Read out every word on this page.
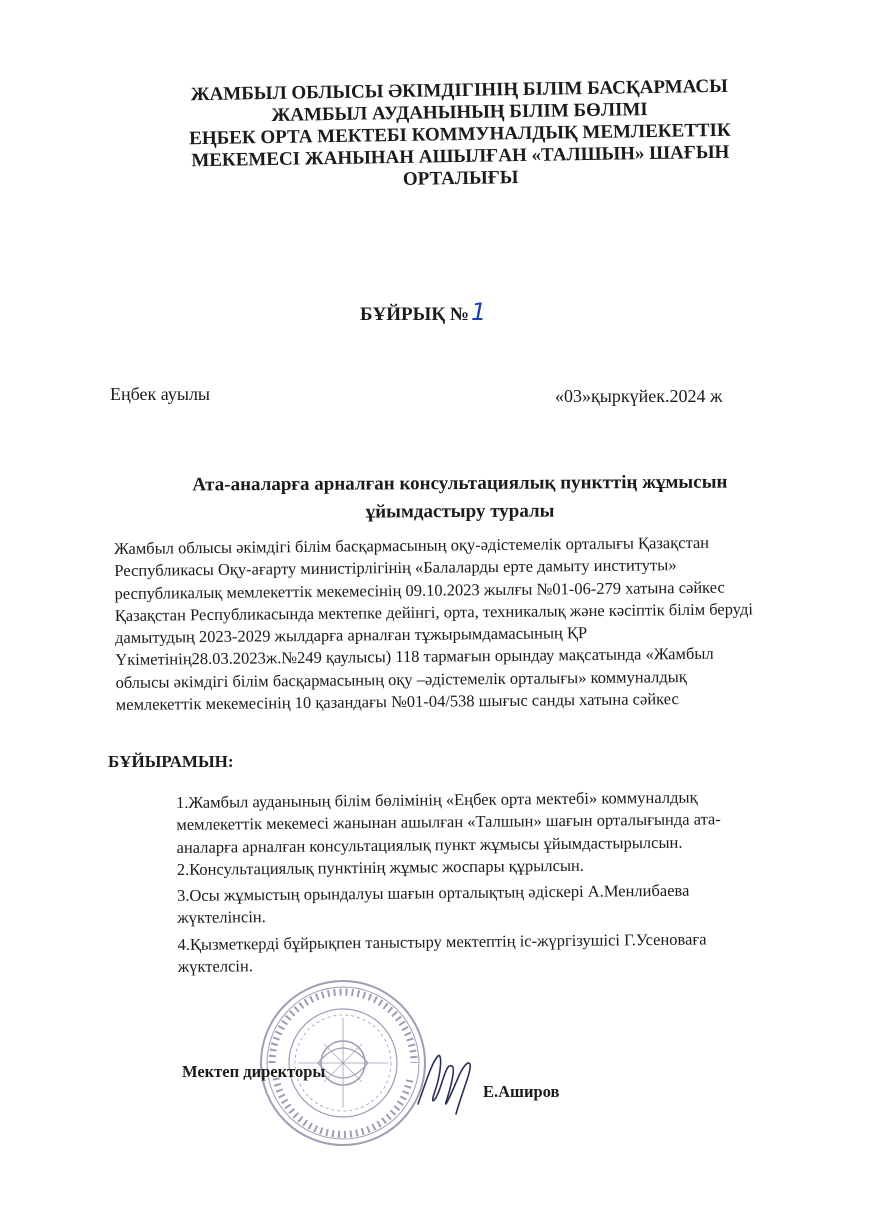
ЖАМБЫЛ ОБЛЫСЫ ӘКІМДІГІНІҢ БІЛІМ БАСҚАРМАСЫ
ЖАМБЫЛ АУДАНЫНЫҢ БІЛІМ БӨЛІМІ
ЕҢБЕК ОРТА МЕКТЕБІ КОММУНАЛДЫҚ МЕМЛЕКЕТТІК
МЕКЕМЕСІ ЖАНЫНАН АШЫЛҒАН «ТАЛШЫН» ШАҒЫН
ОРТАЛЫҒЫ
БҰЙРЫҚ №1
Еңбек ауылы	«03»қыркүйек.2024 ж
Ата-аналарға арналған консультациялық пункттің жұмысын
ұйымдастыру туралы
Жамбыл облысы әкімдігі білім басқармасының оқу-әдістемелік орталығы Қазақстан
Республикасы Оқу-ағарту министірлігінің «Балаларды ерте дамыту институты»
республикалық мемлекеттік мекемесінің 09.10.2023 жылғы №01-06-279 хатына сәйкес
Қазақстан Республикасында мектепке дейінгі, орта, техникалық және кәсіптік білім беруді
дамытудың 2023-2029 жылдарға арналған тұжырымдамасының ҚР
Үкіметінің28.03.2023ж.№249 қаулысы) 118 тармағын орындау мақсатында «Жамбыл
облысы әкімдігі білім басқармасының оқу –әдістемелік орталығы» коммуналдық
мемлекеттік мекемесінің 10 қазандағы №01-04/538 шығыс санды хатына сәйкес
БҰЙЫРАМЫН:
1.Жамбыл ауданының білім бөлімінің «Еңбек орта мектебі» коммуналдық
мемлекеттік мекемесі жанынан ашылған «Талшын» шағын орталығында ата-
аналарға арналған консультациялық пункт жұмысы ұйымдастырылсын.
2.Консультациялық пунктінің жұмыс жоспары құрылсын.
3.Осы жұмыстың орындалуы шағын орталықтың әдіскері А.Менлибаева
жүктелінсін.
4.Қызметкерді бұйрықпен таныстыру мектептің іс-жүргізушісі Г.Усеноваға
жүктелсін.
Мектеп директоры
Е.Аширов
